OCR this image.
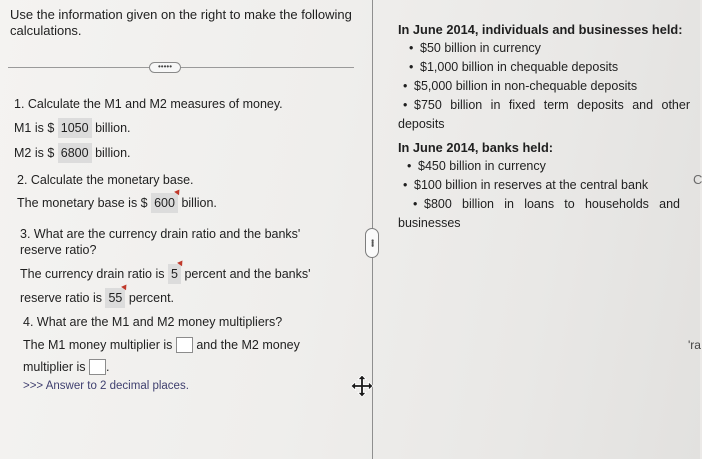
Use the information given on the right to make the following calculations.
•••••
1. Calculate the M1 and M2 measures of money.
M1 is $ 1050 billion.
M2 is $ 6800 billion.
2. Calculate the monetary base.
The monetary base is $ 600 billion.
3. What are the currency drain ratio and the banks' reserve ratio?
The currency drain ratio is 5 percent and the banks'
reserve ratio is 55 percent.
4. What are the M1 and M2 money multipliers?
The M1 money multiplier is and the M2 money
multiplier is .
>>> Answer to 2 decimal places.
••••
In June 2014, individuals and businesses held:
• $50 billion in currency
• $1,000 billion in chequable deposits
• $5,000 billion in non-chequable deposits
• $750 billion in fixed term deposits and other
deposits
In June 2014, banks held:
• $450 billion in currency
• $100 billion in reserves at the central bank
• $800 billion in loans to households and
businesses
C
'ra
